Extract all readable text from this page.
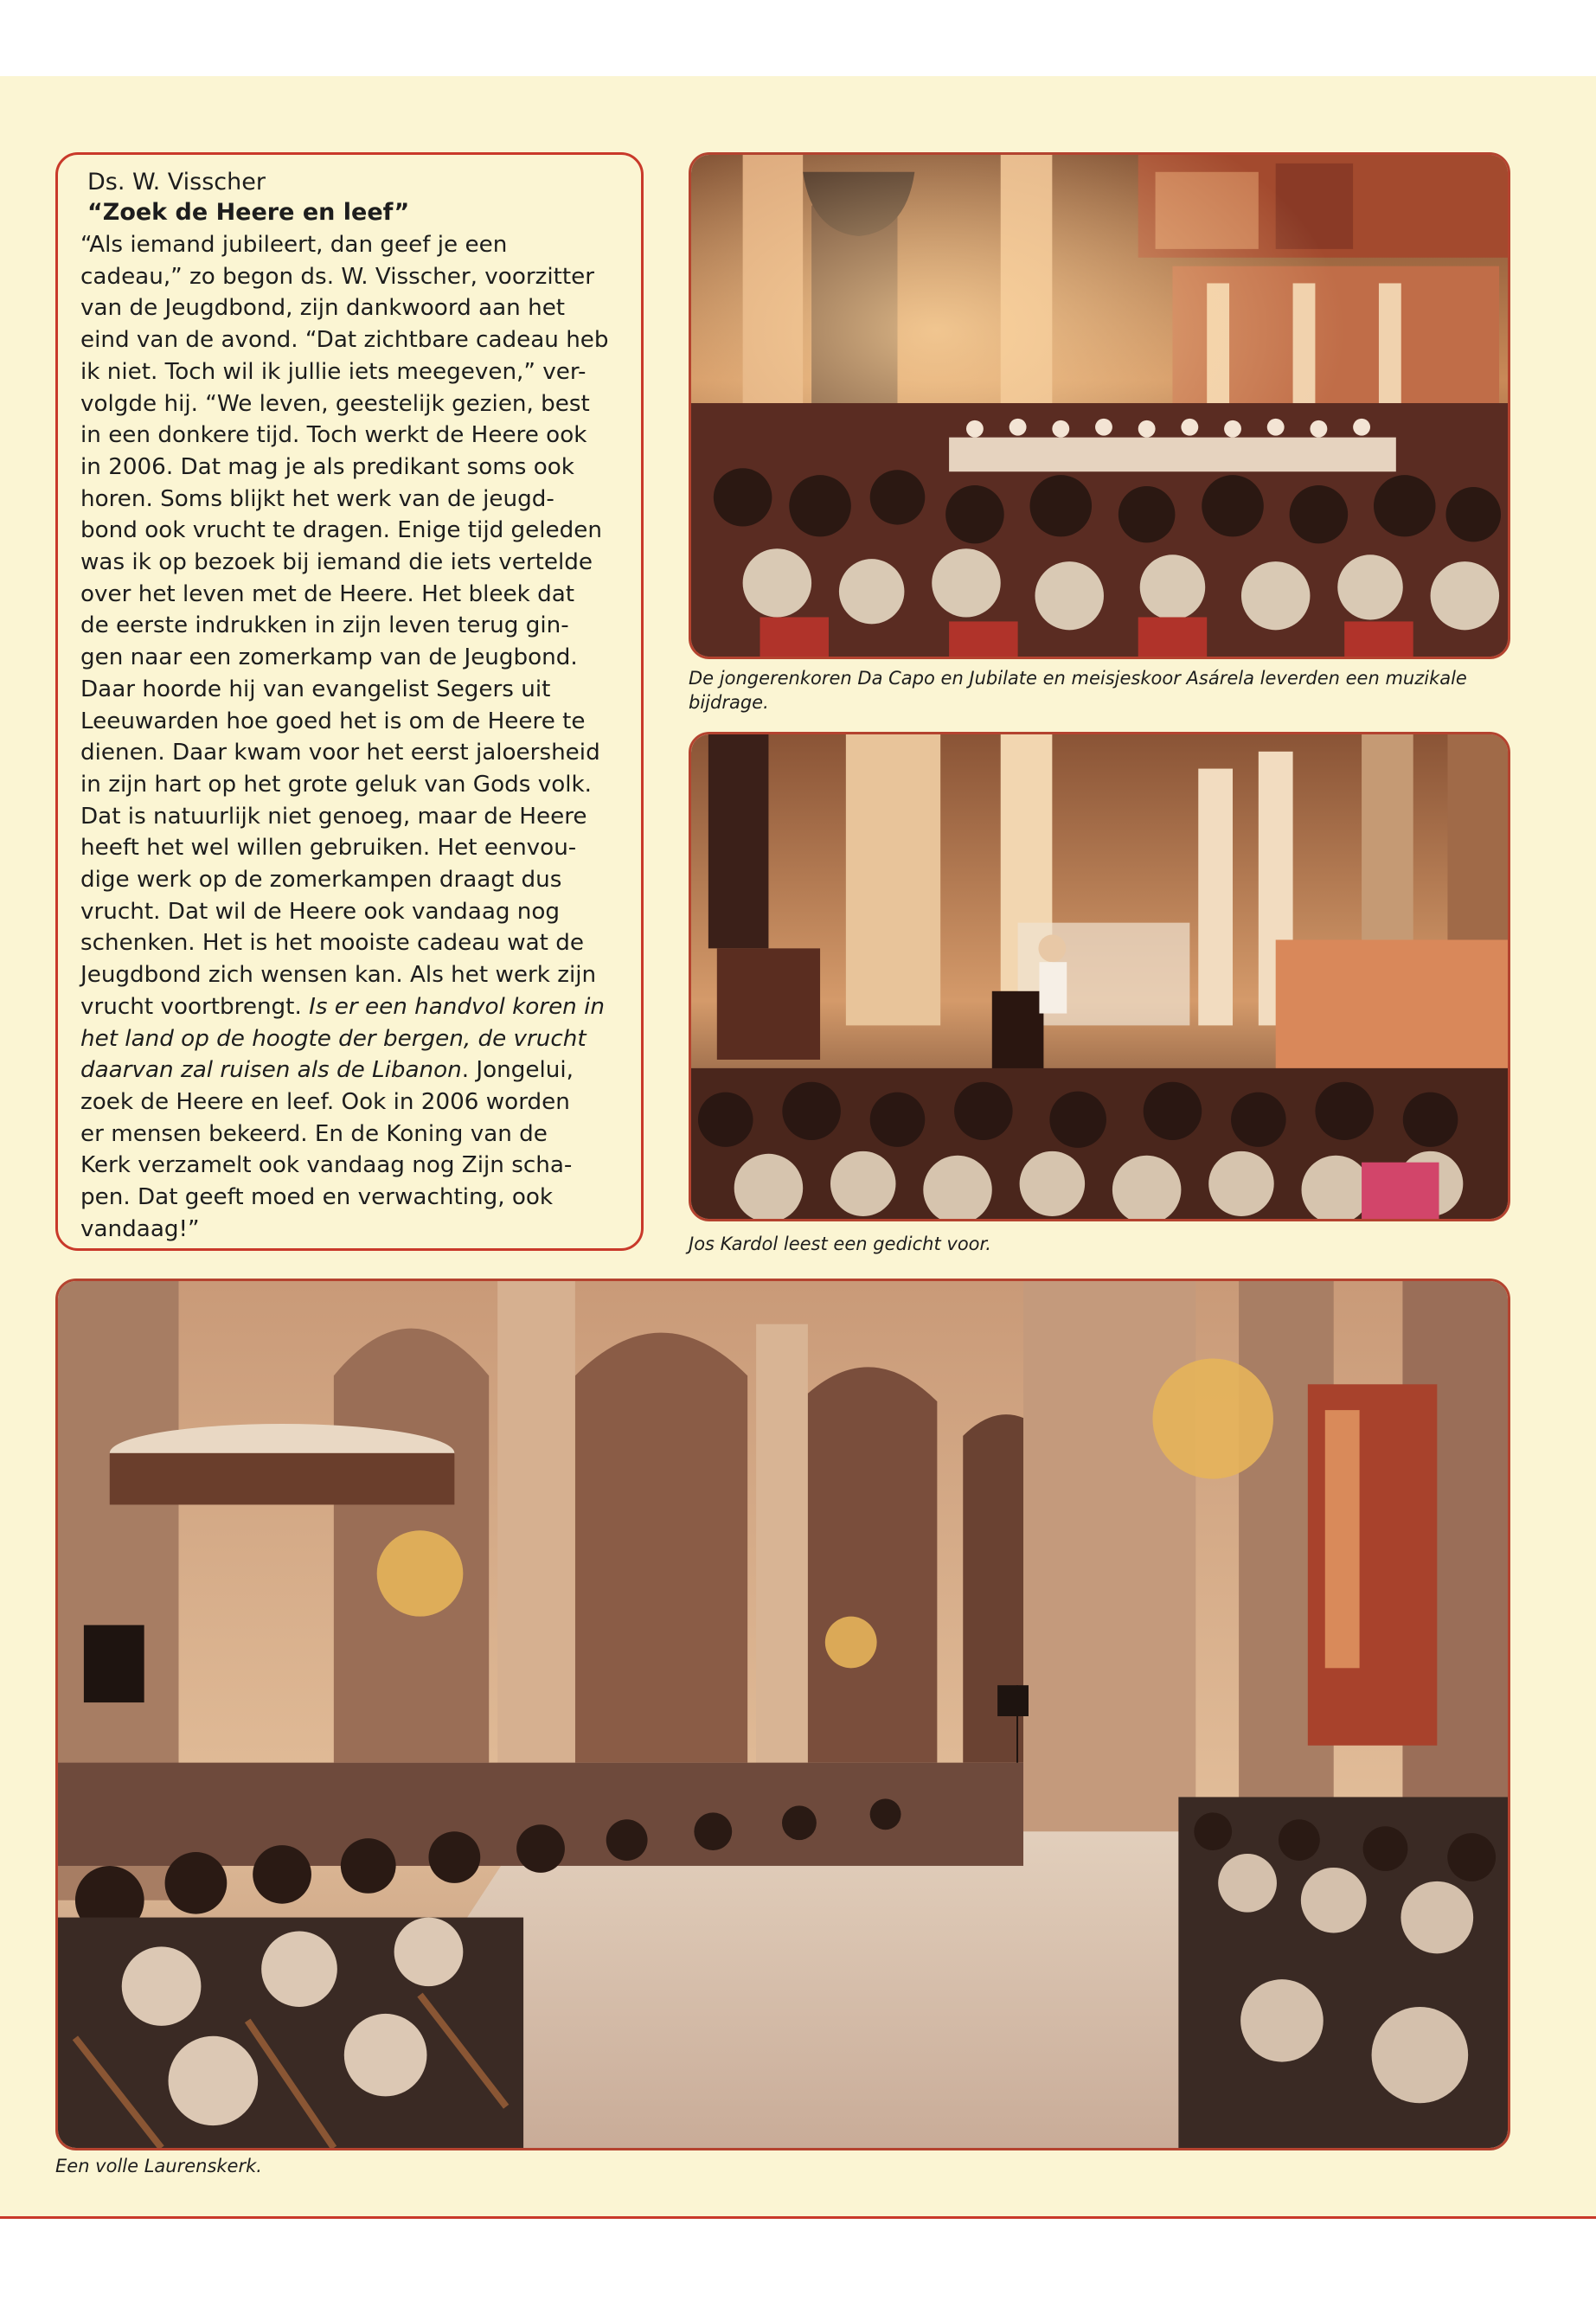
Ds. W. Visscher
“Zoek de Heere en leef”
“Als iemand jubileert, dan geef je een
cadeau,” zo begon ds. W. Visscher, voorzitter
van de Jeugdbond, zijn dankwoord aan het
eind van de avond. “Dat zichtbare cadeau heb
ik niet. Toch wil ik jullie iets meegeven,” ver-
volgde hij. “We leven, geestelijk gezien, best
in een donkere tijd. Toch werkt de Heere ook
in 2006. Dat mag je als predikant soms ook
horen. Soms blijkt het werk van de jeugd-
bond ook vrucht te dragen. Enige tijd geleden
was ik op bezoek bij iemand die iets vertelde
over het leven met de Heere. Het bleek dat
de eerste indrukken in zijn leven terug gin-
gen naar een zomerkamp van de Jeugbond.
Daar hoorde hij van evangelist Segers uit
Leeuwarden hoe goed het is om de Heere te
dienen. Daar kwam voor het eerst jaloersheid
in zijn hart op het grote geluk van Gods volk.
Dat is natuurlijk niet genoeg, maar de Heere
heeft het wel willen gebruiken. Het eenvou-
dige werk op de zomerkampen draagt dus
vrucht. Dat wil de Heere ook vandaag nog
schenken. Het is het mooiste cadeau wat de
Jeugdbond zich wensen kan. Als het werk zijn
vrucht voortbrengt. Is er een handvol koren in
het land op de hoogte der bergen, de vrucht
daarvan zal ruisen als de Libanon. Jongelui,
zoek de Heere en leef. Ook in 2006 worden
er mensen bekeerd. En de Koning van de
Kerk verzamelt ook vandaag nog Zijn scha-
pen. Dat geeft moed en verwachting, ook
vandaag!”
De jongerenkoren Da Capo en Jubilate en meisjeskoor Asárela leverden een muzikale bijdrage.
Jos Kardol leest een gedicht voor.
Een volle Laurenskerk.
